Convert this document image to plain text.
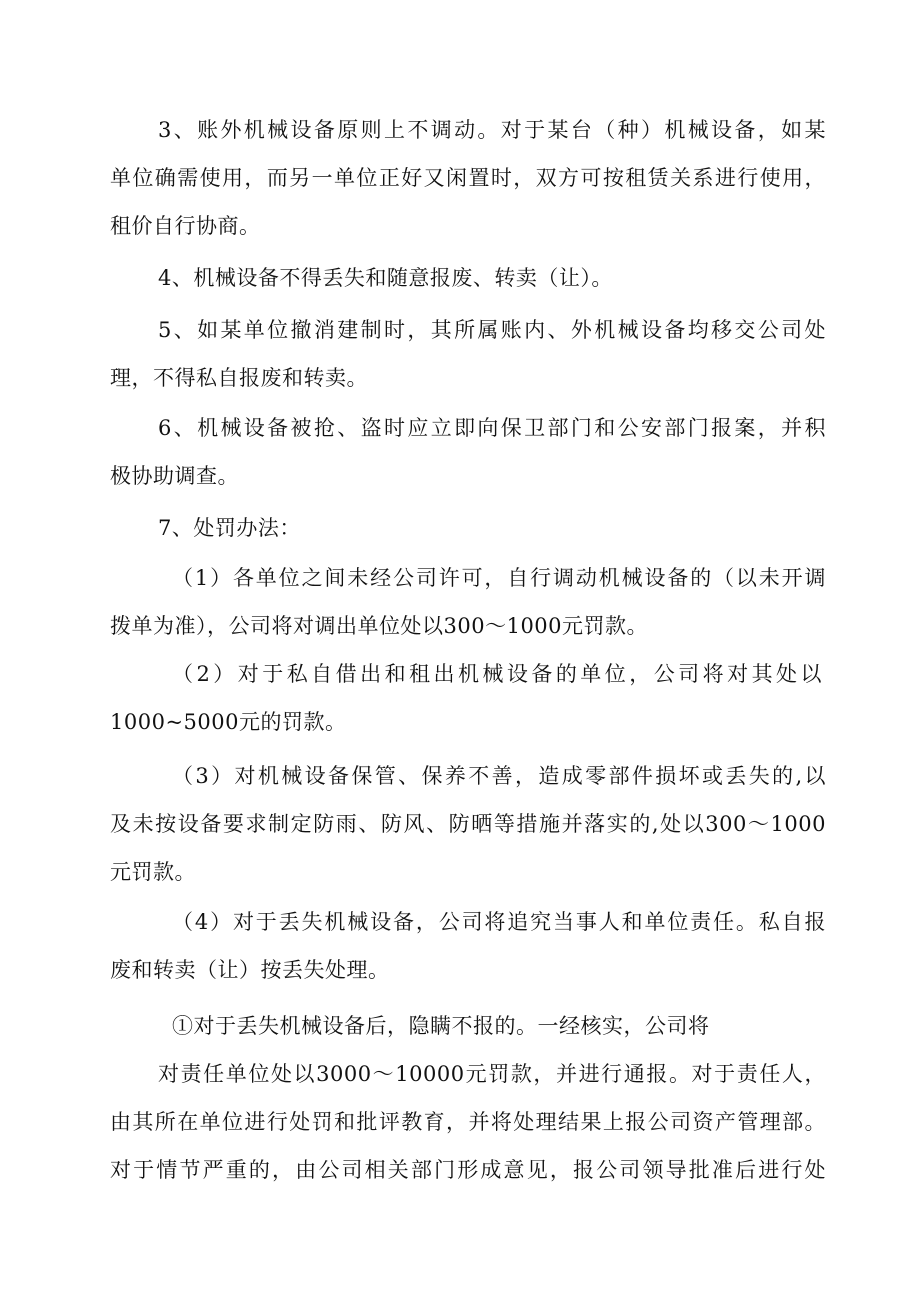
3、账外机械设备原则上不调动。对于某台（种）机械设备，如某
单位确需使用，而另一单位正好又闲置时，双方可按租赁关系进行使用，
租价自行协商。
4、机械设备不得丢失和随意报废、转卖（让）。
5、如某单位撤消建制时，其所属账内、外机械设备均移交公司处
理，不得私自报废和转卖。
6、机械设备被抢、盗时应立即向保卫部门和公安部门报案，并积
极协助调查。
7、处罚办法：
（1）各单位之间未经公司许可，自行调动机械设备的（以未开调
拨单为准），公司将对调出单位处以300～1000元罚款。
（2）对于私自借出和租出机械设备的单位，公司将对其处以
1000~5000元的罚款。
（3）对机械设备保管、保养不善，造成零部件损坏或丢失的,以
及未按设备要求制定防雨、防风、防晒等措施并落实的,处以300～1000
元罚款。
（4）对于丢失机械设备，公司将追究当事人和单位责任。私自报
废和转卖（让）按丢失处理。
①对于丢失机械设备后，隐瞒不报的。一经核实，公司将
对责任单位处以3000～10000元罚款，并进行通报。对于责任人，
由其所在单位进行处罚和批评教育，并将处理结果上报公司资产管理部。
对于情节严重的，由公司相关部门形成意见，报公司领导批准后进行处
